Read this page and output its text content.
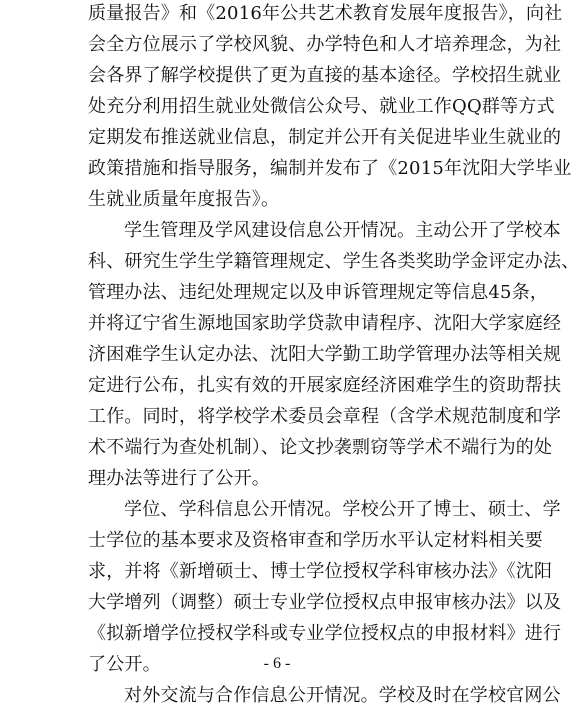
质量报告》和《2016年公共艺术教育发展年度报告》，向社
会全方位展示了学校风貌、办学特色和人才培养理念，为社
会各界了解学校提供了更为直接的基本途径。学校招生就业
处充分利用招生就业处微信公众号、就业工作QQ群等方式
定期发布推送就业信息，制定并公开有关促进毕业生就业的
政策措施和指导服务，编制并发布了《2015年沈阳大学毕业
生就业质量年度报告》。
学生管理及学风建设信息公开情况。主动公开了学校本
科、研究生学生学籍管理规定、学生各类奖助学金评定办法、
管理办法、违纪处理规定以及申诉管理规定等信息45条，
并将辽宁省生源地国家助学贷款申请程序、沈阳大学家庭经
济困难学生认定办法、沈阳大学勤工助学管理办法等相关规
定进行公布，扎实有效的开展家庭经济困难学生的资助帮扶
工作。同时，将学校学术委员会章程（含学术规范制度和学
术不端行为查处机制）、论文抄袭剽窃等学术不端行为的处
理办法等进行了公开。
学位、学科信息公开情况。学校公开了博士、硕士、学
士学位的基本要求及资格审查和学历水平认定材料相关要
求，并将《新增硕士、博士学位授权学科审核办法》《沈阳
大学增列（调整）硕士专业学位授权点申报审核办法》以及
《拟新增学位授权学科或专业学位授权点的申报材料》进行
了公开。
对外交流与合作信息公开情况。学校及时在学校官网公
- 6 -
